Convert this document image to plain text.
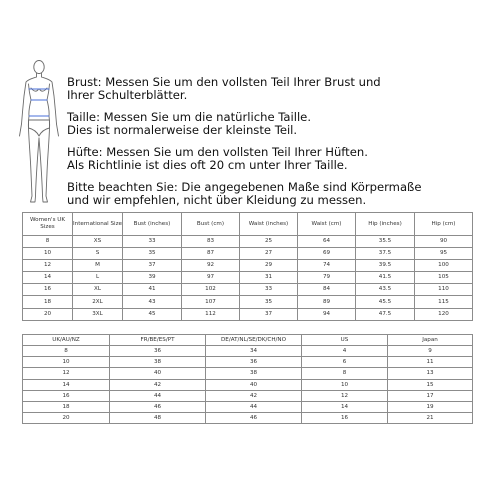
Brust: Messen Sie um den vollsten Teil Ihrer Brust und
Ihrer Schulterblätter.

Taille: Messen Sie um die natürliche Taille.
Dies ist normalerweise der kleinste Teil.

Hüfte: Messen Sie um den vollsten Teil Ihrer Hüften.
Als Richtlinie ist dies oft 20 cm unter Ihrer Taille.

Bitte beachten Sie: Die angegebenen Maße sind Körpermaße
und wir empfehlen, nicht über Kleidung zu messen.

Women's UK Sizes	International Size	Bust (inches)	Bust (cm)	Waist (inches)	Waist (cm)	Hip (inches)	Hip (cm)
8	XS	33	83	25	64	35.5	90
10	S	35	87	27	69	37.5	95
12	M	37	92	29	74	39.5	100
14	L	39	97	31	79	41.5	105
16	XL	41	102	33	84	43.5	110
18	2XL	43	107	35	89	45.5	115
20	3XL	45	112	37	94	47.5	120
UK/AU/NZ	FR/BE/ES/PT	DE/AT/NL/SE/DK/CH/NO	US	Japan
8	36	34	4	9
10	38	36	6	11
12	40	38	8	13
14	42	40	10	15
16	44	42	12	17
18	46	44	14	19
20	48	46	16	21
